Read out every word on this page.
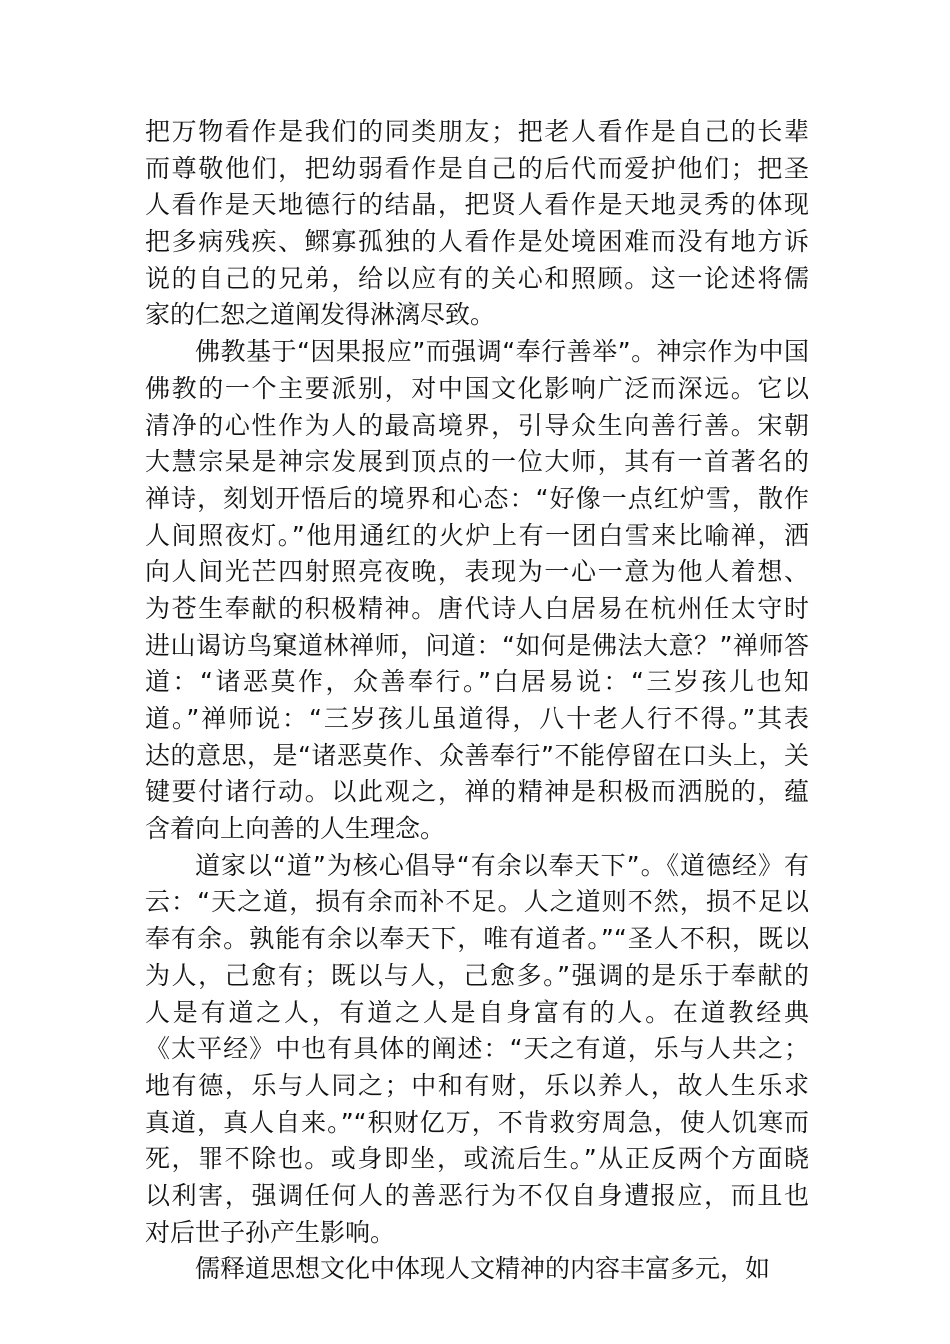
把万物看作是我们的同类朋友；把老人看作是自己的长辈
而尊敬他们，把幼弱看作是自己的后代而爱护他们；把圣
人看作是天地德行的结晶，把贤人看作是天地灵秀的体现
把多病残疾、鳏寡孤独的人看作是处境困难而没有地方诉
说的自己的兄弟，给以应有的关心和照顾。这一论述将儒
家的仁恕之道阐发得淋漓尽致。
佛教基于“因果报应”而强调“奉行善举”。神宗作为中国
佛教的一个主要派别，对中国文化影响广泛而深远。它以
清净的心性作为人的最高境界，引导众生向善行善。宋朝
大慧宗杲是神宗发展到顶点的一位大师，其有一首著名的
禅诗，刻划开悟后的境界和心态：“好像一点红炉雪，散作
人间照夜灯。”他用通红的火炉上有一团白雪来比喻禅，洒
向人间光芒四射照亮夜晚，表现为一心一意为他人着想、
为苍生奉献的积极精神。唐代诗人白居易在杭州任太守时
进山谒访鸟窠道林禅师，问道：“如何是佛法大意？”禅师答
道：“诸恶莫作，众善奉行。”白居易说：“三岁孩儿也知
道。”禅师说：“三岁孩儿虽道得，八十老人行不得。”其表
达的意思，是“诸恶莫作、众善奉行”不能停留在口头上，关
键要付诸行动。以此观之，禅的精神是积极而洒脱的，蕴
含着向上向善的人生理念。
道家以“道”为核心倡导“有余以奉天下”。《道德经》有
云：“天之道，损有余而补不足。人之道则不然，损不足以
奉有余。孰能有余以奉天下，唯有道者。”“圣人不积，既以
为人，己愈有；既以与人，己愈多。”强调的是乐于奉献的
人是有道之人，有道之人是自身富有的人。在道教经典
《太平经》中也有具体的阐述：“天之有道，乐与人共之；
地有德，乐与人同之；中和有财，乐以养人，故人生乐求
真道，真人自来。”“积财亿万，不肯救穷周急，使人饥寒而
死，罪不除也。或身即坐，或流后生。”从正反两个方面晓
以利害，强调任何人的善恶行为不仅自身遭报应，而且也
对后世子孙产生影响。
儒释道思想文化中体现人文精神的内容丰富多元，如
